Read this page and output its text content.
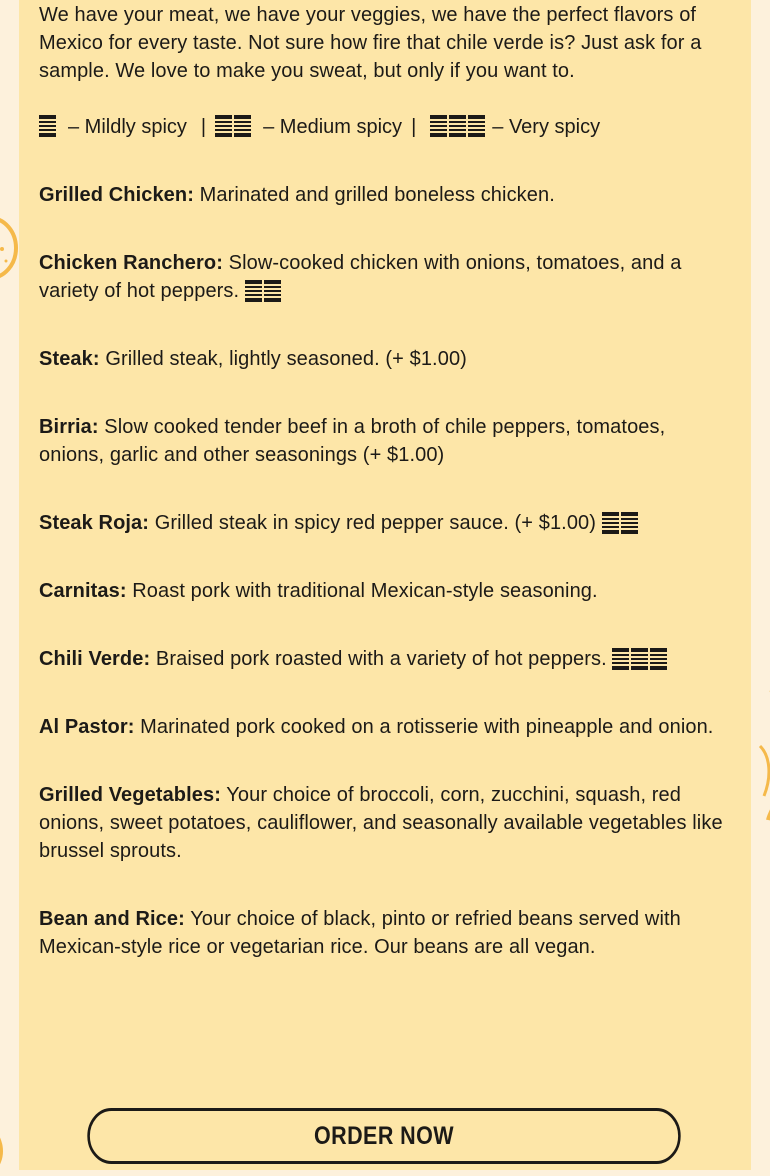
We have your meat, we have your veggies, we have the perfect flavors of Mexico for every taste. Not sure how fire that chile verde is? Just ask for a sample. We love to make you sweat, but only if you want to.

– Mildly spicy |	– Medium spicy |	– Very spicy

Grilled Chicken: Marinated and grilled boneless chicken.

Chicken Ranchero: Slow-cooked chicken with onions, tomatoes, and a variety of hot peppers.

Steak: Grilled steak, lightly seasoned. (+ $1.00)

Birria: Slow cooked tender beef in a broth of chile peppers, tomatoes, onions, garlic and other seasonings (+ $1.00)

Steak Roja: Grilled steak in spicy red pepper sauce. (+ $1.00)

Carnitas: Roast pork with traditional Mexican-style seasoning.

Chili Verde: Braised pork roasted with a variety of hot peppers.

Al Pastor: Marinated pork cooked on a rotisserie with pineapple and onion.

Grilled Vegetables: Your choice of broccoli, corn, zucchini, squash, red onions, sweet potatoes, cauliflower, and seasonally available vegetables like brussel sprouts.

Bean and Rice: Your choice of black, pinto or refried beans served with Mexican-style rice or vegetarian rice. Our beans are all vegan.

ORDER NOW
